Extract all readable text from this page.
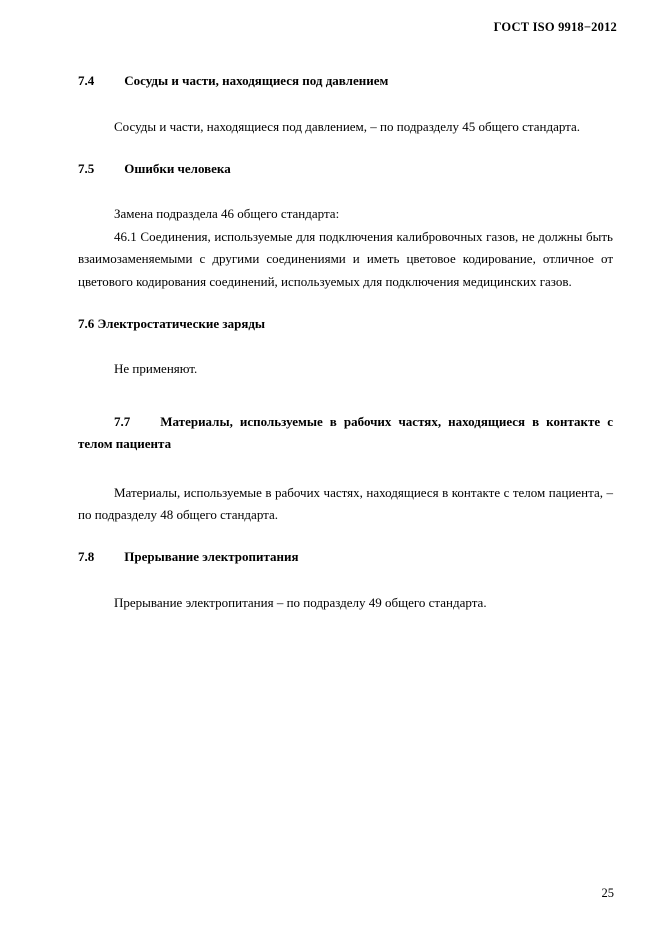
ГОСТ ISO 9918−2012
7.4 Сосуды и части, находящиеся под давлением

Сосуды и части, находящиеся под давлением, – по подразделу 45 общего стандарта.

7.5 Ошибки человека

Замена подраздела 46 общего стандарта:

46.1 Соединения, используемые для подключения калибровочных газов, не должны быть взаимозаменяемыми с другими соединениями и иметь цветовое кодирование, отличное от цветового кодирования соединений, используемых для подключения медицинских газов.

7.6 Электростатические заряды

Не применяют.

7.7 Материалы, используемые в рабочих частях, находящиеся в контакте с телом пациента

Материалы, используемые в рабочих частях, находящиеся в контакте с телом пациента, – по подразделу 48 общего стандарта.

7.8 Прерывание электропитания

Прерывание электропитания – по подразделу 49 общего стандарта.

25
